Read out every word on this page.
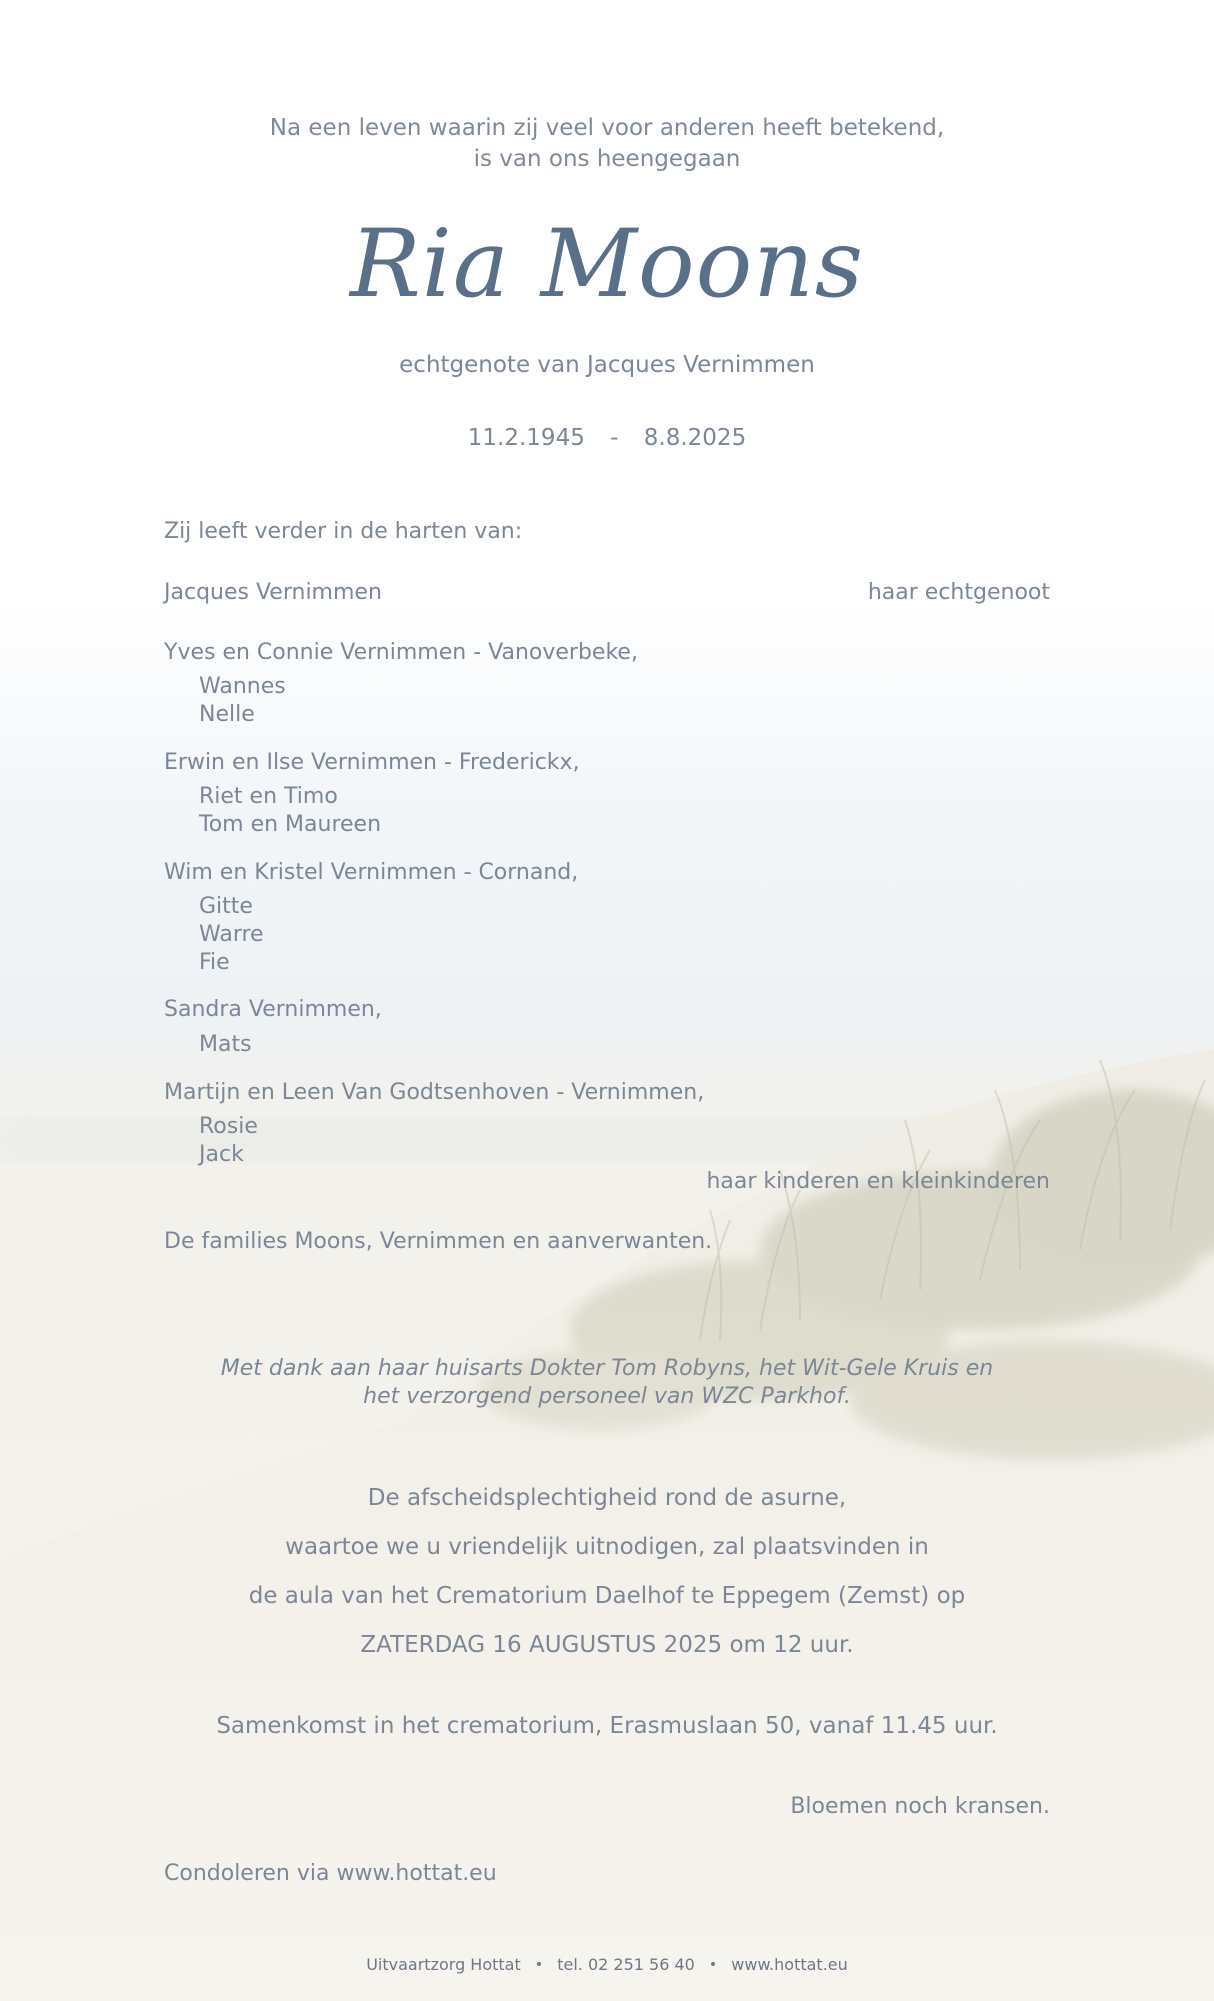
Na een leven waarin zij veel voor anderen heeft betekend,

is van ons heengegaan

Ria Moons

echtgenote van Jacques Vernimmen

11.2.1945 - 8.8.2025

Zij leeft verder in de harten van:

Jacques Vernimmen	haar echtgenoot

Yves en Connie Vernimmen - Vanoverbeke,

Wannes

Nelle

Erwin en Ilse Vernimmen - Frederickx,

Riet en Timo

Tom en Maureen

Wim en Kristel Vernimmen - Cornand,

Gitte

Warre

Fie

Sandra Vernimmen,

Mats

Martijn en Leen Van Godtsenhoven - Vernimmen,

Rosie

Jack

haar kinderen en kleinkinderen

De families Moons, Vernimmen en aanverwanten.

Met dank aan haar huisarts Dokter Tom Robyns, het Wit-Gele Kruis en

het verzorgend personeel van WZC Parkhof.

De afscheidsplechtigheid rond de asurne,

waartoe we u vriendelijk uitnodigen, zal plaatsvinden in

de aula van het Crematorium Daelhof te Eppegem (Zemst) op

ZATERDAG 16 AUGUSTUS 2025 om 12 uur.

Samenkomst in het crematorium, Erasmuslaan 50, vanaf 11.45 uur.

Bloemen noch kransen.

Condoleren via www.hottat.eu

Uitvaartzorg Hottat • tel. 02 251 56 40 • www.hottat.eu
